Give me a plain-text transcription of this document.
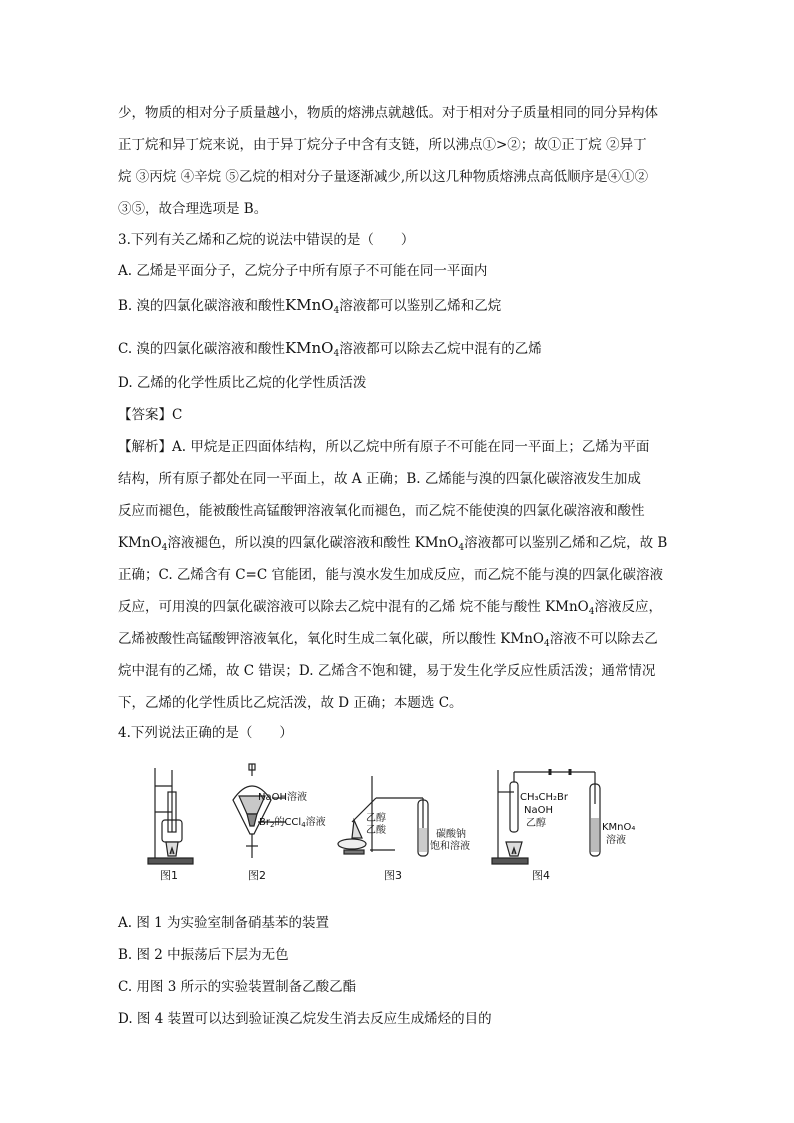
少，物质的相对分子质量越小，物质的熔沸点就越低。对于相对分子质量相同的同分异构体
正丁烷和异丁烷来说，由于异丁烷分子中含有支链，所以沸点①>②；故①正丁烷 ②异丁
烷 ③丙烷 ④辛烷 ⑤乙烷的相对分子量逐渐减少,所以这几种物质熔沸点高低顺序是④①②
③⑤，故合理选项是 B。
3.下列有关乙烯和乙烷的说法中错误的是（　　）
A. 乙烯是平面分子，乙烷分子中所有原子不可能在同一平面内
B. 溴的四氯化碳溶液和酸性KMnO$_4$溶液都可以鉴别乙烯和乙烷
C. 溴的四氯化碳溶液和酸性KMnO$_4$溶液都可以除去乙烷中混有的乙烯
D. 乙烯的化学性质比乙烷的化学性质活泼
【答案】C
【解析】A. 甲烷是正四面体结构，所以乙烷中所有原子不可能在同一平面上；乙烯为平面
结构，所有原子都处在同一平面上，故 A 正确；B. 乙烯能与溴的四氯化碳溶液发生加成
反应而褪色，能被酸性高锰酸钾溶液氧化而褪色，而乙烷不能使溴的四氯化碳溶液和酸性
KMnO$_4$溶液褪色，所以溴的四氯化碳溶液和酸性 KMnO$_4$溶液都可以鉴别乙烯和乙烷，故 B
正确；C. 乙烯含有 C=C 官能团，能与溴水发生加成反应，而乙烷不能与溴的四氯化碳溶液
反应，可用溴的四氯化碳溶液可以除去乙烷中混有的乙烯 烷不能与酸性 KMnO$_4$溶液反应，
乙烯被酸性高锰酸钾溶液氧化，氧化时生成二氧化碳，所以酸性 KMnO$_4$溶液不可以除去乙
烷中混有的乙烯，故 C 错误；D. 乙烯含不饱和键，易于发生化学反应性质活泼；通常情况
下，乙烯的化学性质比乙烷活泼，故 D 正确；本题选 C。
4.下列说法正确的是（　　）
NaOH溶液
$Br_2$的CCl$_4$溶液	乙醇
乙酸	碳酸钠
饱和溶液
CH₃CH₂Br
NaOH
乙醇	KMnO₄
溶液
图1	图2	图3	图4
A. 图 1 为实验室制备硝基苯的装置
B. 图 2 中振荡后下层为无色
C. 用图 3 所示的实验装置制备乙酸乙酯
D. 图 4 装置可以达到验证溴乙烷发生消去反应生成烯烃的目的
